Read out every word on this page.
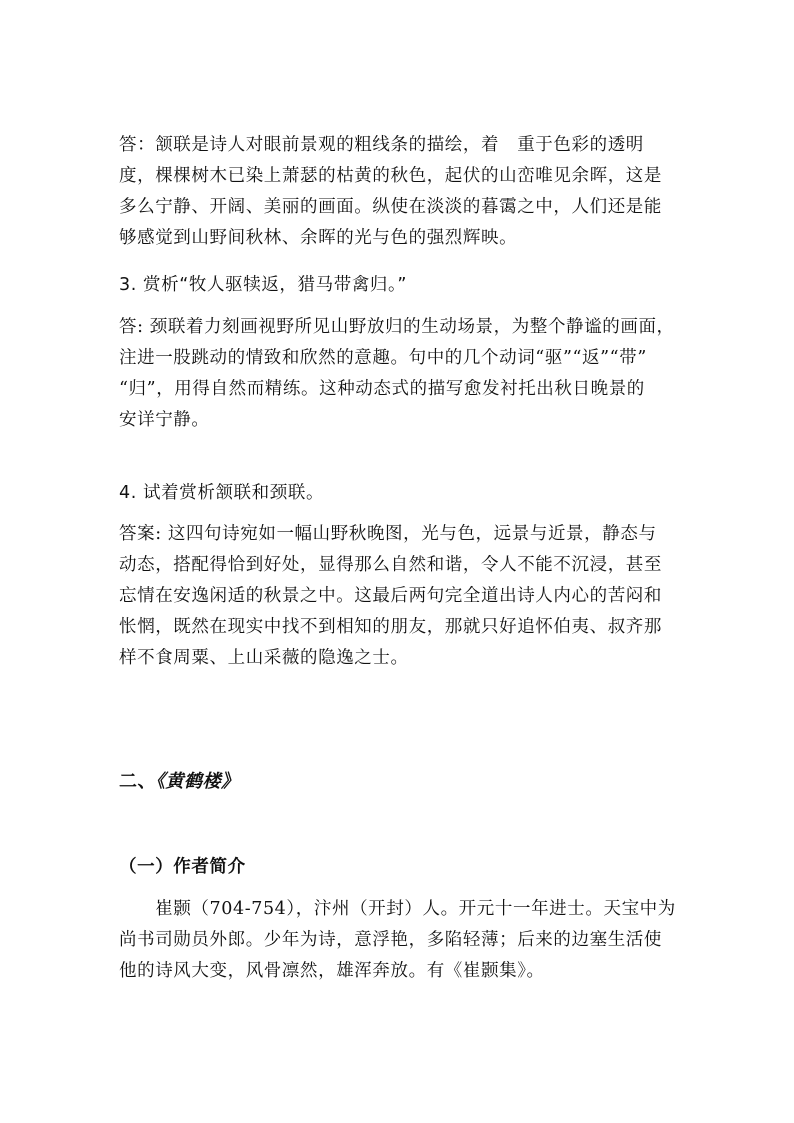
答：颔联是诗人对眼前景观的粗线条的描绘，着　重于色彩的透明
度，棵棵树木已染上萧瑟的枯黄的秋色，起伏的山峦唯见余晖，这是
多么宁静、开阔、美丽的画面。纵使在淡淡的暮霭之中，人们还是能
够感觉到山野间秋林、余晖的光与色的强烈辉映。
3. 赏析“牧人驱犊返，猎马带禽归。”
答: 颈联着力刻画视野所见山野放归的生动场景，为整个静谧的画面，
注进一股跳动的情致和欣然的意趣。句中的几个动词“驱”“返”“带”
“归”，用得自然而精练。这种动态式的描写愈发衬托出秋日晚景的
安详宁静。
4. 试着赏析颔联和颈联。
答案: 这四句诗宛如一幅山野秋晚图，光与色，远景与近景，静态与
动态，搭配得恰到好处，显得那么自然和谐，令人不能不沉浸，甚至
忘情在安逸闲适的秋景之中。这最后两句完全道出诗人内心的苦闷和
怅惘，既然在现实中找不到相知的朋友，那就只好追怀伯夷、叔齐那
样不食周粟、上山采薇的隐逸之士。
二、《黄鹤楼》
（一）作者简介
　　崔颢（704-754），汴州（开封）人。开元十一年进士。天宝中为
尚书司勋员外郎。少年为诗，意浮艳，多陷轻薄；后来的边塞生活使
他的诗风大变，风骨凛然，雄浑奔放。有《崔颢集》。
